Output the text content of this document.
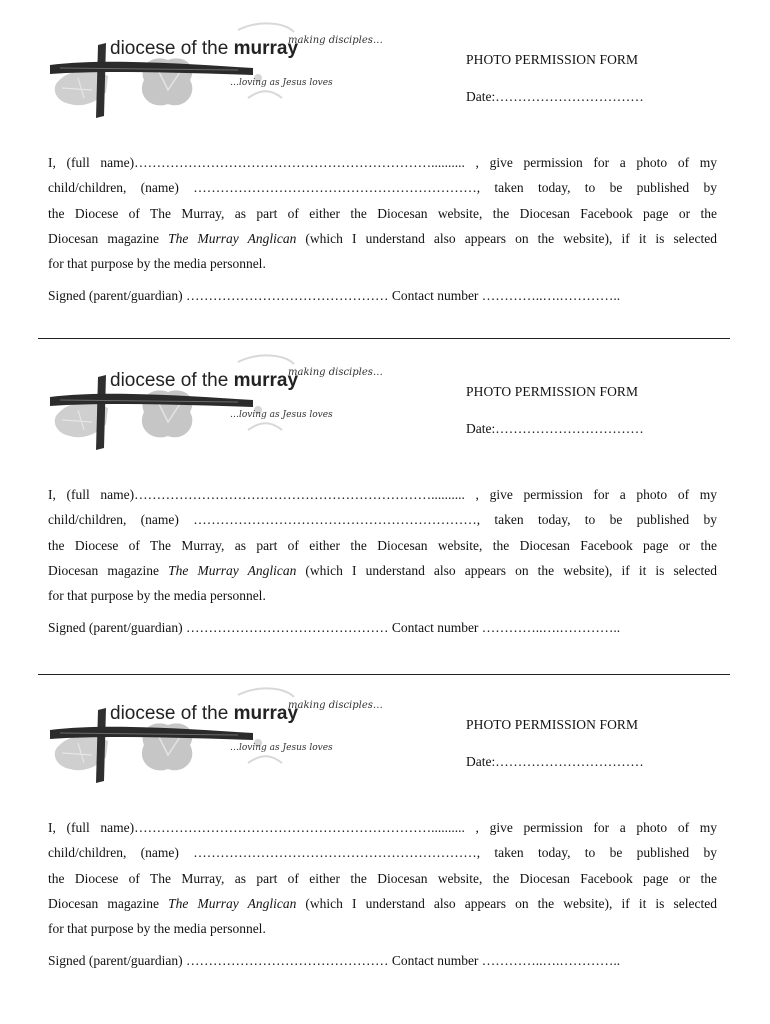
diocese of the murray
making disciples…
…loving as Jesus loves
PHOTO PERMISSION FORM
Date:……………………………
I, (full name)………………………………………………………….......... , give permission for a photo of my
child/children, (name) ………………………………………………………, taken today, to be published by
the Diocese of The Murray, as part of either the Diocesan website, the Diocesan Facebook page or the
Diocesan magazine The Murray Anglican (which I understand also appears on the website), if it is selected
for that purpose by the media personnel.
Signed (parent/guardian) ……………………………………… Contact number …………..….…………..
diocese of the murray
making disciples…
…loving as Jesus loves
PHOTO PERMISSION FORM
Date:……………………………
I, (full name)………………………………………………………….......... , give permission for a photo of my
child/children, (name) ………………………………………………………, taken today, to be published by
the Diocese of The Murray, as part of either the Diocesan website, the Diocesan Facebook page or the
Diocesan magazine The Murray Anglican (which I understand also appears on the website), if it is selected
for that purpose by the media personnel.
Signed (parent/guardian) ……………………………………… Contact number …………..….…………..
diocese of the murray
making disciples…
…loving as Jesus loves
PHOTO PERMISSION FORM
Date:……………………………
I, (full name)………………………………………………………….......... , give permission for a photo of my
child/children, (name) ………………………………………………………, taken today, to be published by
the Diocese of The Murray, as part of either the Diocesan website, the Diocesan Facebook page or the
Diocesan magazine The Murray Anglican (which I understand also appears on the website), if it is selected
for that purpose by the media personnel.
Signed (parent/guardian) ……………………………………… Contact number …………..….…………..
